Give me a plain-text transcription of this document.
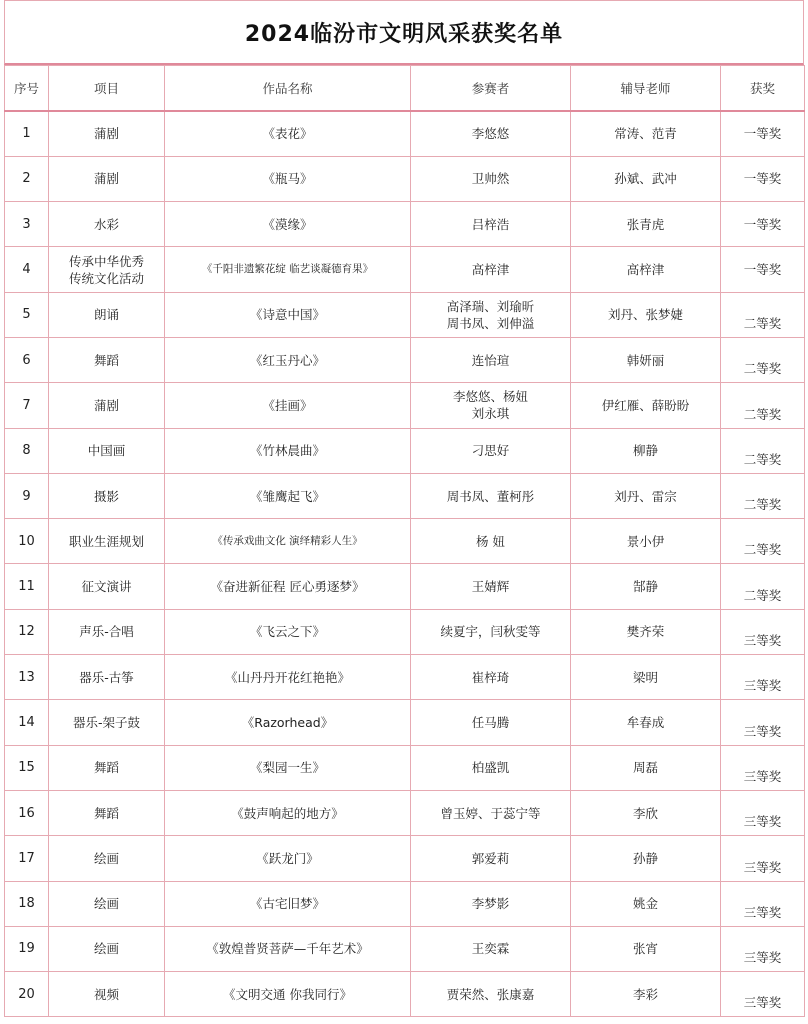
2024临汾市文明风采获奖名单
序号	项目	作品名称	参赛者	辅导老师	获奖
1	蒲剧	《表花》	李悠悠	常涛、范青	一等奖
2	蒲剧	《瓶马》	卫帅然	孙斌、武冲	一等奖
3	水彩	《漠缘》	吕梓浩	张青虎	一等奖
4	传承中华优秀
传统文化活动	《千阳非遗繁花绽 临艺谈凝德育果》	高梓津	高梓津	一等奖
5	朗诵	《诗意中国》	高泽瑞、刘瑜昕
周书凤、刘伸溢	刘丹、张梦婕	二等奖
6	舞蹈	《红玉丹心》	连怡瑄	韩妍丽	二等奖
7	蒲剧	《挂画》	李悠悠、杨妞
刘永琪	伊红雁、薛盼盼	二等奖
8	中国画	《竹林晨曲》	刁思好	柳静	二等奖
9	摄影	《雏鹰起飞》	周书凤、董柯彤	刘丹、雷宗	二等奖
10	职业生涯规划	《传承戏曲文化 演绎精彩人生》	杨 妞	景小伊	二等奖
11	征文演讲	《奋进新征程 匠心勇逐梦》	王婧辉	郜静	二等奖
12	声乐-合唱	《飞云之下》	续夏宇，闫秋雯等	樊齐荣	三等奖
13	器乐-古筝	《山丹丹开花红艳艳》	崔梓琦	梁明	三等奖
14	器乐-架子鼓	《Razorhead》	任马腾	牟春成	三等奖
15	舞蹈	《梨园一生》	柏盛凯	周磊	三等奖
16	舞蹈	《鼓声响起的地方》	曾玉婷、于蕊宁等	李欣	三等奖
17	绘画	《跃龙门》	郭爱莉	孙静	三等奖
18	绘画	《古宅旧梦》	李梦影	姚金	三等奖
19	绘画	《敦煌普贤菩萨—千年艺术》	王奕霖	张宵	三等奖
20	视频	《文明交通 你我同行》	贾荣然、张康嘉	李彩	三等奖
